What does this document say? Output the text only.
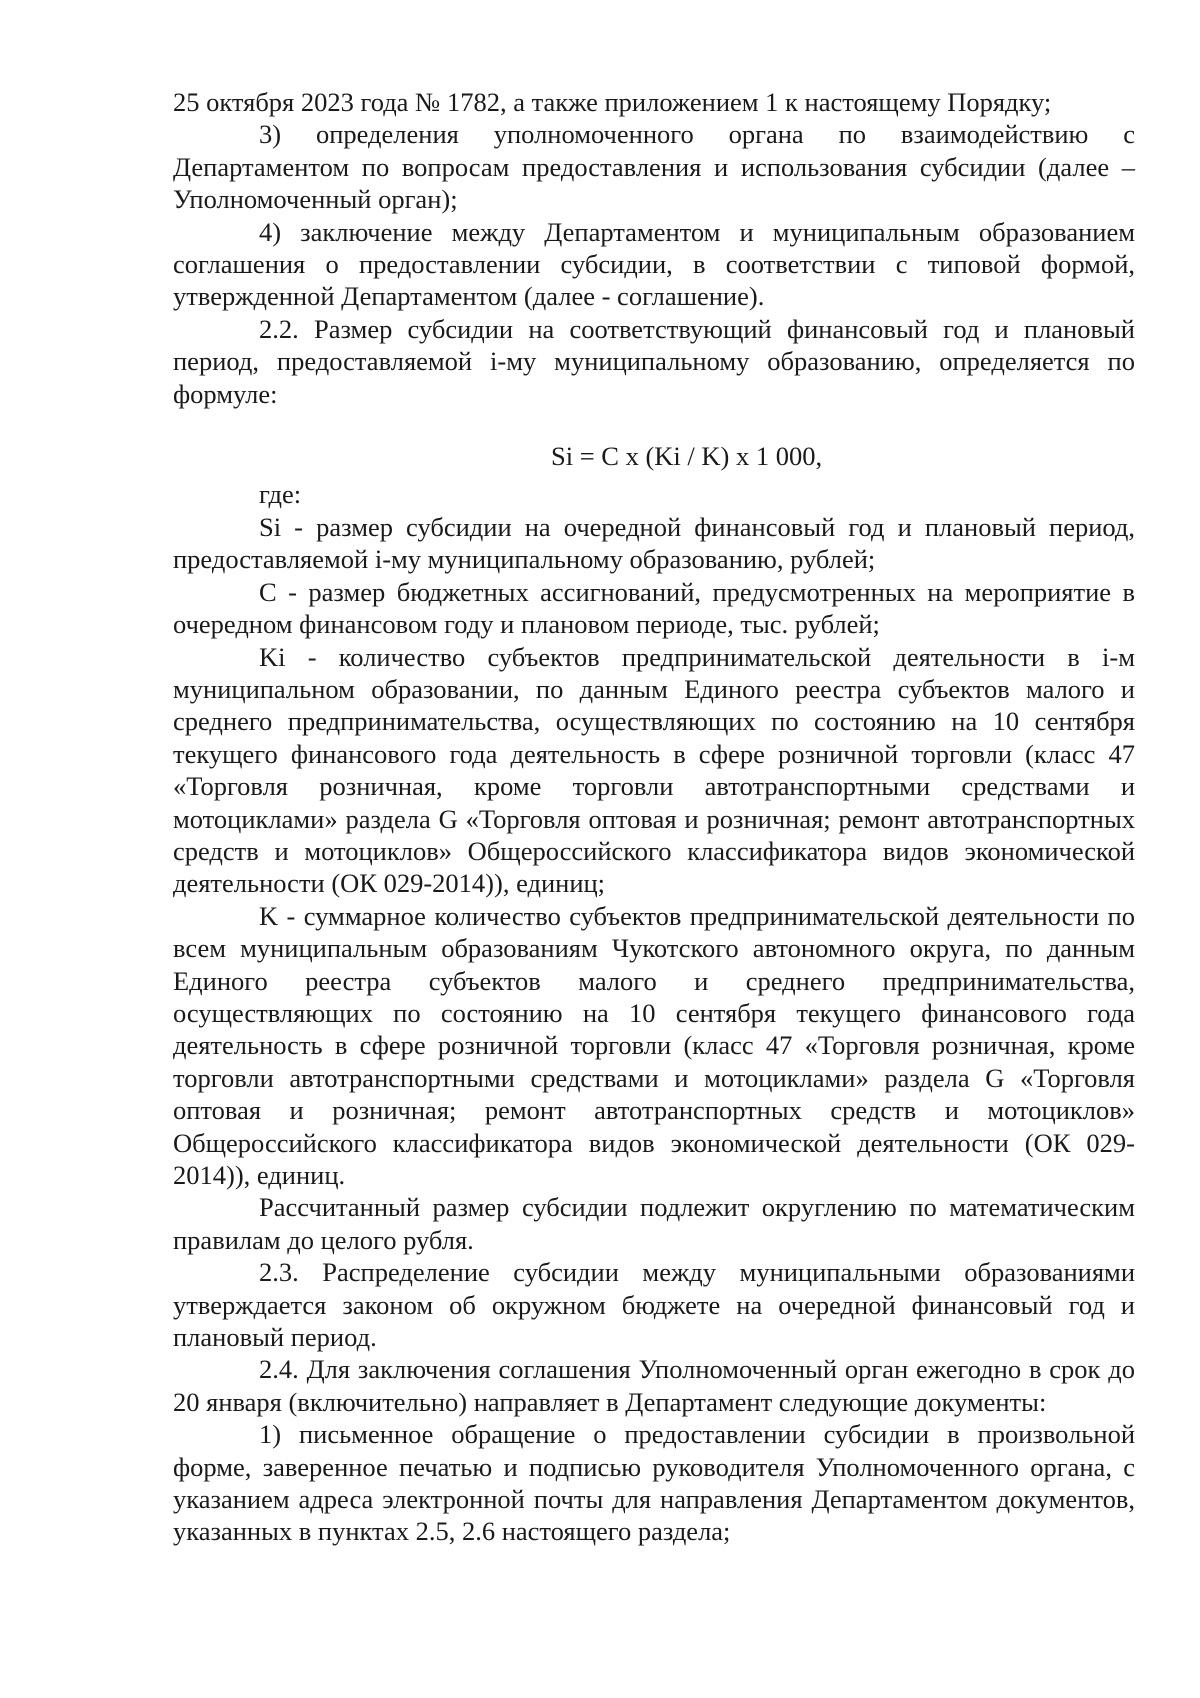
25 октября 2023 года № 1782, а также приложением 1 к настоящему Порядку;

3) определения уполномоченного органа по взаимодействию с Департаментом по вопросам предоставления и использования субсидии (далее – Уполномоченный орган);

4) заключение между Департаментом и муниципальным образованием соглашения о предоставлении субсидии, в соответствии с типовой формой, утвержденной Департаментом (далее - соглашение).

2.2. Размер субсидии на соответствующий финансовый год и плановый период, предоставляемой i-му муниципальному образованию, определяется по формуле:

Si = C x (Ki / K) x 1 000,

где:

Si - размер субсидии на очередной финансовый год и плановый период, предоставляемой i-му муниципальному образованию, рублей;

C - размер бюджетных ассигнований, предусмотренных на мероприятие в очередном финансовом году и плановом периоде, тыс. рублей;

Ki - количество субъектов предпринимательской деятельности в i-м муниципальном образовании, по данным Единого реестра субъектов малого и среднего предпринимательства, осуществляющих по состоянию на 10 сентября текущего финансового года деятельность в сфере розничной торговли (класс 47 «Торговля розничная, кроме торговли автотранспортными средствами и мотоциклами» раздела G «Торговля оптовая и розничная; ремонт автотранспортных средств и мотоциклов» Общероссийского классификатора видов экономической деятельности (ОК 029-2014)), единиц;

K - суммарное количество субъектов предпринимательской деятельности по всем муниципальным образованиям Чукотского автономного округа, по данным Единого реестра субъектов малого и среднего предпринимательства, осуществляющих по состоянию на 10 сентября текущего финансового года деятельность в сфере розничной торговли (класс 47 «Торговля розничная, кроме торговли автотранспортными средствами и мотоциклами» раздела G «Торговля оптовая и розничная; ремонт автотранспортных средств и мотоциклов» Общероссийского классификатора видов экономической деятельности (ОК 029-2014)), единиц.

Рассчитанный размер субсидии подлежит округлению по математическим правилам до целого рубля.

2.3. Распределение субсидии между муниципальными образованиями утверждается законом об окружном бюджете на очередной финансовый год и плановый период.

2.4. Для заключения соглашения Уполномоченный орган ежегодно в срок до 20 января (включительно) направляет в Департамент следующие документы:

1) письменное обращение о предоставлении субсидии в произвольной форме, заверенное печатью и подписью руководителя Уполномоченного органа, с указанием адреса электронной почты для направления Департаментом документов, указанных в пунктах 2.5, 2.6 настоящего раздела;
